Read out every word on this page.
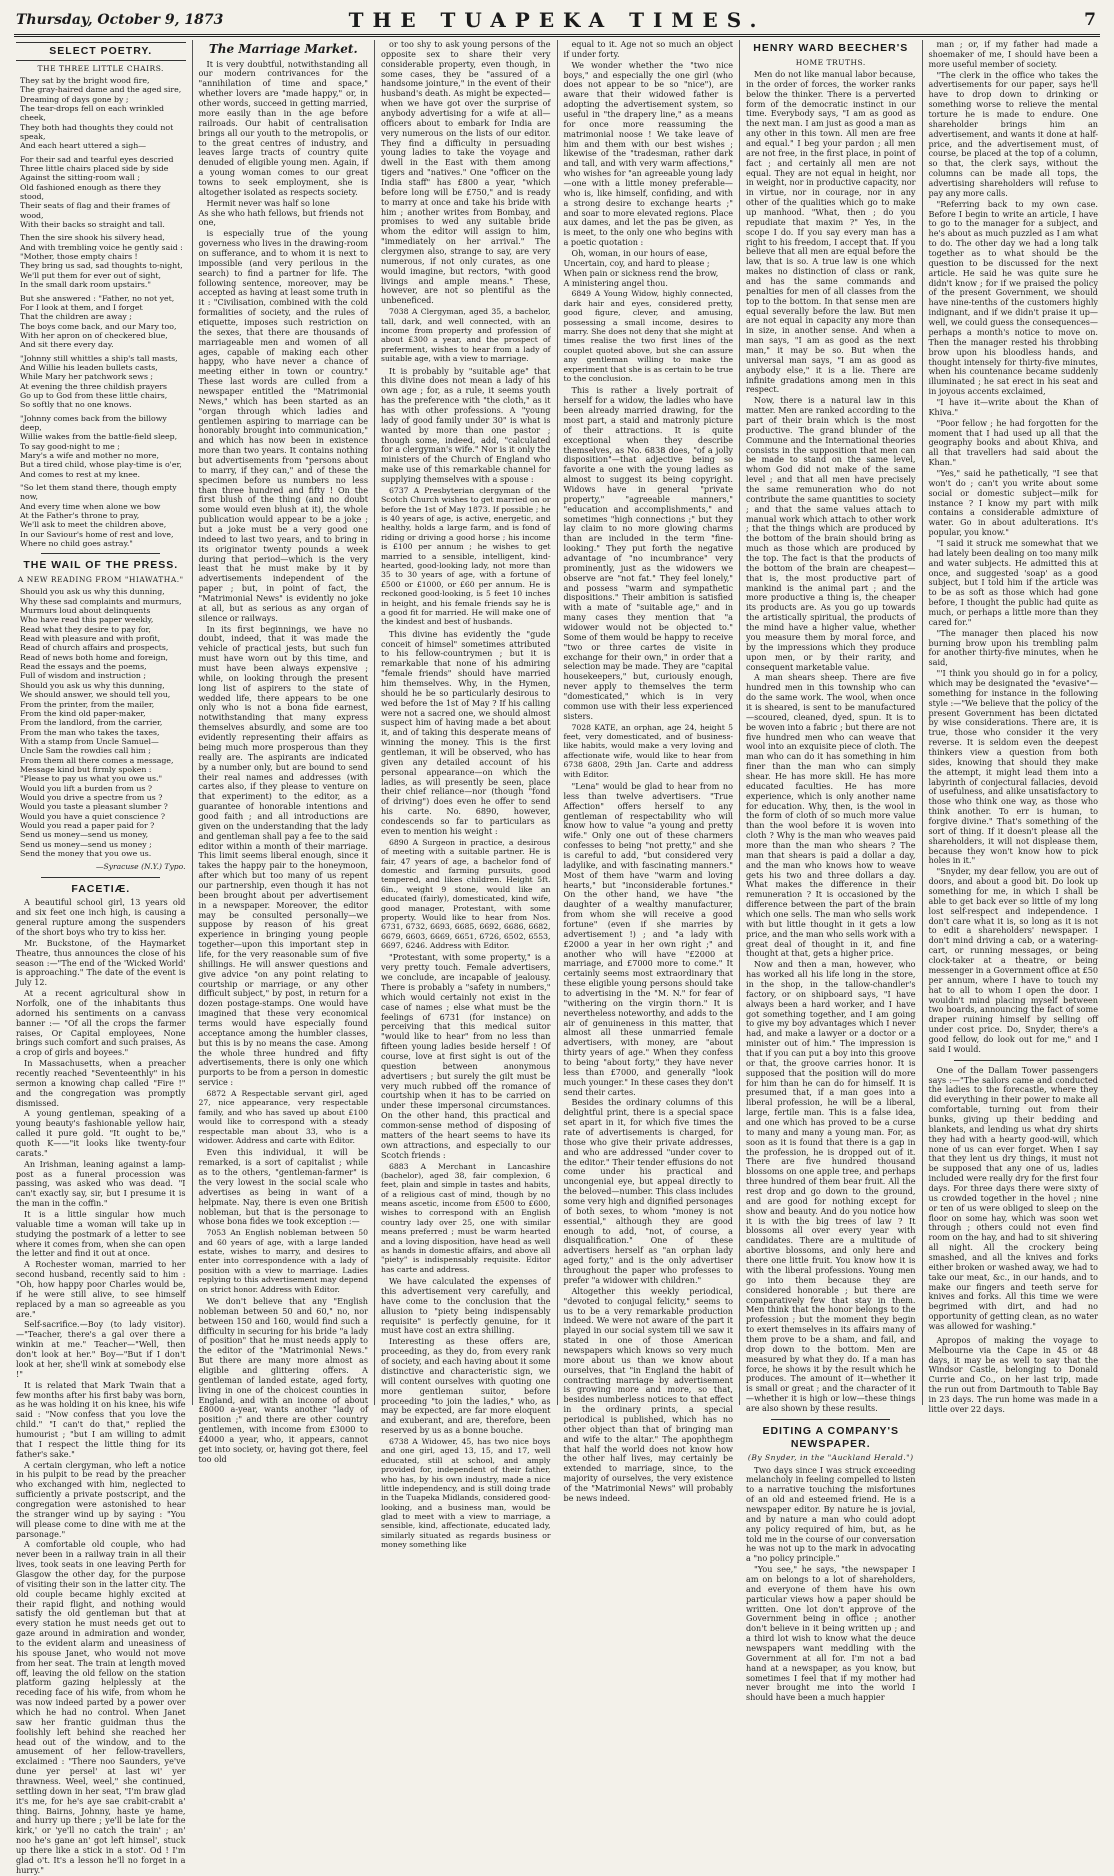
Thursday, October 9, 1873	THE TUAPEKA TIMES.	7
SELECT POETRY.
THE THREE LITTLE CHAIRS.
They sat by the bright wood fire,
The gray-haired dame and the aged sire,
Dreaming of days gone by ;
The tear-drops fell on each wrinkled cheek,
They both had thoughts they could not speak,
And each heart uttered a sigh—
For their sad and tearful eyes descried
Three little chairs placed side by side
Against the sitting-room wall ;
Old fashioned enough as there they stood,
Their seats of flag and their frames of wood,
With their backs so straight and tall.
Then the sire shook his silvery head,
And with trembling voice he gently said :
"Mother, those empty chairs !
They bring us sad, sad thoughts to-night,
We'll put them for ever out of sight,
In the small dark room upstairs."
But she answered : "Father, no not yet,
For I look at them, and I forget
That the children are away ;
The boys come back, and our Mary too,
With her apron on of checkered blue,
And sit there every day.
"Johnny still whittles a ship's tall masts,
And Willie his leaden bullets casts,
While Mary her patchwork sews ;
At evening the three childish prayers
Go up to God from these little chairs,
So softly that no one knows.
"Johnny comes back from the billowy deep,
Willie wakes from the battle-field sleep,
To say good-night to me ;
Mary's a wife and mother no more,
But a tired child, whose play-time is o'er,
And comes to rest at my knee.
"So let them stand there, though empty now,
And every time when alone we bow
At the Father's throne to pray,
We'll ask to meet the children above,
In our Saviour's home of rest and love,
Where no child goes astray."
THE WAIL OF THE PRESS.
A NEW READING FROM "HIAWATHA."
Should you ask us why this dunning,
Why these sad complaints and murmurs,
Murmurs loud about delinquents
Who have read this paper weekly,
Read what they desire to pay for,
Read with pleasure and with profit,
Read of church affairs and prospects,
Read of news both home and foreign,
Read the essays and the poems,
Full of wisdom and instruction ;
Should you ask us why this dunning,
We should answer, we should tell you,
From the printer, from the mailer,
From the kind old paper-maker,
From the landlord, from the carrier,
From the man who takes the taxes,
With a stamp from Uncle Samuel—
Uncle Sam the rowdies call him ;
From them all there comes a message,
Message kind but firmly spoken :
"Please to pay us what you owe us."
Would you lift a burden from us ?
Would you drive a spectre from us ?
Would you taste a pleasant slumber ?
Would you have a quiet conscience ?
Would you read a paper paid for ?
Send us money—send us money,
Send us money—send us money ;
Send the money that you owe us.
—Syracuse (N.Y.) Typo.
FACETIÆ.

A beautiful school girl, 13 years old and six feet one inch high, is causing a general rupture among the suspenders of the short boys who try to kiss her.

Mr. Buckstone, of the Haymarket Theatre, thus announces the close of his season :—"The end of the 'Wicked World' is approaching." The date of the event is July 12.

At a recent agricultural show in Norfolk, one of the inhabitants thus adorned his sentiments on a canvass banner :— "Of all the crops the farmer raises, Or Capital employees, None brings such comfort and such praises, As a crop of girls and boyees."

In Massachusetts, when a preacher recently reached "Seventeenthly" in his sermon a knowing chap called "Fire !" and the congregation was promptly dismissed.

A young gentleman, speaking of a young beauty's fashionable yellow hair, called it pure gold. "It ought to be," quoth K——"it looks like twenty-four carats."

An Irishman, leaning against a lamp-post as a funeral procession was passing, was asked who was dead. "I can't exactly say, sir, but I presume it is the man in the coffin."

It is a little singular how much valuable time a woman will take up in studying the postmark of a letter to see where it comes from, when she can open the letter and find it out at once.

A Rochester woman, married to her second husband, recently said to him : "Oh, how happy poor Charles would be, if he were still alive, to see himself replaced by a man so agreeable as you are."

Self-sacrifice.—Boy (to lady visitor).—"Teacher, there's a gal over there a winkin at me." Teacher—"Well, then don't look at her." Boy—"But if I don't look at her, she'll wink at somebody else !"

It is related that Mark Twain that a few months after his first baby was born, as he was holding it on his knee, his wife said : "Now confess that you love the child." "I can't do that," replied the humourist ; "but I am willing to admit that I respect the little thing for its father's sake."

A certain clergyman, who left a notice in his pulpit to be read by the preacher who exchanged with him, neglected to sufficiently a private postscript, and the congregation were astonished to hear the stranger wind up by saying : "You will please come to dine with me at the parsonage."

A comfortable old couple, who had never been in a railway train in all their lives, took seats in one leaving Perth for Glasgow the other day, for the purpose of visiting their son in the latter city. The old couple became highly excited at their rapid flight, and nothing would satisfy the old gentleman but that at every station he must needs get out to gaze around in admiration and wonder, to the evident alarm and uneasiness of his spouse Janet, who would not move from her seat. The train at length moved off, leaving the old fellow on the station platform gazing helplessly at the receding face of his wife, from whom he was now indeed parted by a power over which he had no control. When Janet saw her frantic guidman thus the foolishly left behind she reached her head out of the window, and to the amusement of her fellow-travellers, exclaimed : "There noo Saunders, ye've dune yer persel' at last wi' yer thrawness. Weel, weel," she continued, settling down in her seat, "I'm braw glad it's me, for he's aye sae crabit-crabit a' thing. Bairns, Johnny, haste ye hame, and hurry up there ; ye'll be late for the kirk,' or 'ye'll no catch the train' ; an' noo he's gane an' got left himsel', stuck up there like a stick in a stot'. Od ! I'm glad o't. It's a lesson he'll no forget in a hurry."

The Marriage Market.

It is very doubtful, notwithstanding all our modern contrivances for the "annihilation of time and space," whether lovers are "made happy," or, in other words, succeed in getting married, more easily than in the age before railroads. Our habit of centralisation brings all our youth to the metropolis, or to the great centres of industry, and leaves large tracts of country quite denuded of eligible young men. Again, if a young woman comes to our great towns to seek employment, she is altogether isolated as respects society.

Hermit never was half so lone
As she who hath fellows, but friends not one,

is especially true of the young governess who lives in the drawing-room on sufferance, and to whom it is next to impossible (and very perilous in the search) to find a partner for life. The following sentence, moreover, may be accepted as having at least some truth in it : "Civilisation, combined with the cold formalities of society, and the rules of etiquette, imposes such restriction on the sexes, that there are thousands of marriageable men and women of all ages, capable of making each other happy, who have never a chance of meeting either in town or country." These last words are culled from a newspaper entitled the "Matrimonial News," which has been started as an "organ through which ladies and gentlemen aspiring to marriage can be honorably brought into communication," and which has now been in existence more than two years. It contains nothing but advertisements from "persons about to marry, if they can," and of these the specimen before us numbers no less than three hundred and fifty ! On the first blush of the thing (and no doubt some would even blush at it), the whole publication would appear to be a joke ; but a joke must be a very good one indeed to last two years, and to bring in its originator twenty pounds a week during that period—which is the very least that he must make by it by advertisements independent of the paper ; but, in point of fact, the "Matrimonial News" is evidently no joke at all, but as serious as any organ of silence or railways.

In its first beginnings, we have no doubt, indeed, that it was made the vehicle of practical jests, but such fun must have worn out by this time, and must have been always expensive ; while, on looking through the present long list of aspirers to the state of wedded life, there appears to be one only who is not a bona fide earnest, notwithstanding that many express themselves absurdly, and some are too evidently representing their affairs as being much more prosperous than they really are. The aspirants are indicated by a number only, but are bound to send their real names and addresses (with cartes also, if they please to venture on that experiment) to the editor, as a guarantee of honorable intentions and good faith ; and all introductions are given on the understanding that the lady and gentleman shall pay a fee to the said editor within a month of their marriage. This limit seems liberal enough, since it takes the happy pair to the honeymoon, after which but too many of us repent our partnership, even though it has not been brought about per advertisement in a newspaper. Moreover, the editor may be consulted personally—we suppose by reason of his great experience in bringing young people together—upon this important step in life, for the very reasonable sum of five shillings. He will answer questions and give advice "on any point relating to courtship or marriage, or any other difficult subject," by post, in return for a dozen postage-stamps. One would have imagined that these very economical terms would have especially found acceptance among the humbler classes, but this is by no means the case. Among the whole three hundred and fifty advertisements, there is only one which purports to be from a person in domestic service :

6872 A Respectable servant girl, aged 27, nice appearance, very respectable family, and who has saved up about £100 would like to correspond with a steady respectable man about 33, who is a widower. Address and carte with Editor.

Even this individual, it will be remarked, is a sort of capitalist ; while as to the others, "gentleman-farmer" is the very lowest in the social scale who advertises as being in want of a helpmate. Nay, there is even one British nobleman, but that is the personage to whose bona fides we took exception :—

7053 An English nobleman between 50 and 60 years of age, with a large landed estate, wishes to marry, and desires to enter into correspondence with a lady of position with a view to marriage. Ladies replying to this advertisement may depend on strict honor. Address with Editor.

We don't believe that any "English nobleman between 50 and 60," no, nor between 150 and 160, would find such a difficulty in securing for his bride "a lady of position" that he must needs apply to the editor of the "Matrimonial News." But there are many more almost as eligible and glittering offers. A gentleman of landed estate, aged forty, living in one of the choicest counties in England, and with an income of about £8000 a-year, wants another "lady of position ;" and there are other country gentlemen, with income from £3000 to £4000 a year, who, it appears, cannot get into society, or, having got there, feel too old

or too shy to ask young persons of the opposite sex to share their very considerable property, even though, in some cases, they be "assured of a handsome jointure," in the event of their husband's death. As might be expected—when we have got over the surprise of anybody advertising for a wife at all—officers about to embark for India are very numerous on the lists of our editor. They find a difficulty in persuading young ladies to take the voyage and dwell in the East with them among tigers and "natives." One "officer on the India staff" has £800 a year, "which before long will be £750," and is ready to marry at once and take his bride with him ; another writes from Bombay, and promises to wed any suitable bride whom the editor will assign to him, "immediately on her arrival." The clergymen also, strange to say, are very numerous, if not only curates, as one would imagine, but rectors, "with good livings and ample means." These, however, are not so plentiful as the unbeneficed.

7038 A Clergyman, aged 35, a bachelor, tall, dark, and well connected, with an income from property and profession of about £300 a year, and the prospect of preferment, wishes to hear from a lady of suitable age, with a view to marriage.

It is probably by "suitable age" that this divine does not mean a lady of his own age ; for, as a rule, it seems youth has the preference with "the cloth," as it has with other professions. A "young lady of good family under 30" is what is wanted by more than one pastor ; though some, indeed, add, "calculated for a clergyman's wife." Nor is it only the ministers of the Church of England who make use of this remarkable channel for supplying themselves with a spouse :

6737 A Presbyterian clergyman of the Scotch Church wishes to get married on or before the 1st of May 1873. If possible ; he is 40 years of age, is active, energetic, and healthy, holds a large farm, and is fond of riding or driving a good horse ; his income is £100 per annum ; he wishes to get married to a sensible, intelligent, kind-hearted, good-looking lady, not more than 35 to 30 years of age, with a fortune of £500 or £1000, or £60 per annum. He is reckoned good-looking, is 5 feet 10 inches in height, and his female friends say he is a good fit for married. He will make one of the kindest and best of husbands.

This divine has evidently the "gude conceit of himsel" sometimes attributed to his fellow-countrymen ; but it is remarkable that none of his admiring "female friends" should have married him themselves. Why, in the Hymen, should he be so particularly desirous to wed before the 1st of May ? If his calling were not a sacred one, we should almost suspect him of having made a bet about it, and of taking this desperate means of winning the money. This is the first gentleman, it will be observed, who has given any detailed account of his personal appearance—on which the ladies, as will presently be seen, place their chief reliance—nor (though "fond of driving") does even he offer to send his carte. No. 6890, however, condescends so far to particulars as even to mention his weight :

6890 A Surgeon in practice, a desirous of meeting with a suitable partner. He is fair, 47 years of age, a bachelor fond of domestic and farming pursuits, good tempered, and likes children. Height 5ft. 6in., weight 9 stone, would like an educated (fairly), domesticated, kind wife, good manager, Protestant, with some property. Would like to hear from Nos. 6731, 6732, 6693, 6685, 6692, 6686, 6682, 6679, 6603, 6669, 6651, 6726, 6502, 6553, 6697, 6246. Address with Editor.

"Protestant, with some property," is a very pretty touch. Female advertisers, we conclude, are incapable of jealousy. There is probably a "safety in numbers," which would certainly not exist in the case of names ; else what must be the feelings of 6731 (for instance) on perceiving that this medical suitor "would like to hear" from no less than fifteen young ladies beside herself ! Of course, love at first sight is out of the question between anonymous advertisers ; but surely the gilt must be very much rubbed off the romance of courtship when it has to be carried on under these impersonal circumstances. On the other hand, this practical and common-sense method of disposing of matters of the heart seems to have its own attractions, and especially to our Scotch friends :

6883 A Merchant in Lancashire (bachelor), aged 38, fair complexion, 6 feet, plain and simple in tastes and habits, of a religious cast of mind, though by no means ascetic, income from £500 to £600, wishes to correspond with an English country lady over 25, one with similar means preferred ; must be warm hearted and a loving disposition, have head as well as hands in domestic affairs, and above all "piety" is indispensably requisite. Editor has carte and address.

We have calculated the expenses of this advertisement very carefully, and have come to the conclusion that the allusion to "piety being indispensably requisite" is perfectly genuine, for it must have cost an extra shilling.

Interesting as these offers are, proceeding, as they do, from every rank of society, and each having about it some distinctive and characteristic sign, we will content ourselves with quoting one more gentleman suitor, before proceeding "to join the ladies," who, as may be expected, are far more eloquent and exuberant, and are, therefore, been reserved by us as a bonne bouche.

6738 A Widower, 45, has two nice boys and one girl, aged 13, 15, and 17, well educated, still at school, and amply provided for, independent of their father, who has, by his own industry, made a nice little independency, and is still doing trade in the Tuapeka Midlands, considered good-looking, and a business man, would be glad to meet with a view to marriage, a sensible, kind, affectionate, educated lady, similarly situated as regards business or money something like

equal to it. Age not so much an object if under forty.

We wonder whether the "two nice boys," and especially the one girl (who does not appear to be so "nice"), are aware that their widowed father is adopting the advertisement system, so useful in "the drapery line," as a means for once more reassuming the matrimonial noose ! We take leave of him and them with our best wishes ; likewise of the "tradesman, rather dark and tall, and with very warm affections," who wishes for "an agreeable young lady—one with a little money preferable—who is, like himself, confiding, and with a strong desire to exchange hearts ;" and soar to more elevated regions. Place aux dames, and let the pas be given, as is meet, to the only one who begins with a poetic quotation :

Oh, woman, in our hours of ease,
Uncertain, coy, and hard to please ;
When pain or sickness rend the brow,
A ministering angel thou.

6849 A Young Widow, highly connected, dark hair and eyes, considered pretty, good figure, clever, and amusing, possessing a small income, desires to marry. She does not deny that she might at times realise the two first lines of the couplet quoted above, but she can assure any gentleman willing to make the experiment that she is as certain to be true to the conclusion.

This is rather a lively portrait of herself for a widow, the ladies who have been already married drawing, for the most part, a staid and matronly picture of their attractions. It is quite exceptional when they describe themselves, as No. 6838 does, "of a jolly disposition"—that adjective being so favorite a one with the young ladies as almost to suggest its being copyright. Widows have in general "private property," "agreeable manners," "education and accomplishments," and sometimes "high connections ;" but they lay claim to no more glowing charms than are included in the term "fine-looking." They put forth the negative advantage of "no incumbrance" very prominently, just as the widowers we observe are "not fat." They feel lonely," and possess "warm and sympathetic dispositions." Their ambition is satisfied with a mate of "suitable age," and in many cases they mention that "a widower would not be objected to." Some of them would be happy to receive "two or three cartes de visite in exchange for their own," in order that a selection may be made. They are "capital housekeepers," but, curiously enough, never apply to themselves the term "domesticated," which is in very common use with their less experienced sisters.

7028 KATE, an orphan, age 24, height 5 feet, very domesticated, and of business-like habits, would make a very loving and affectionate wife, would like to hear from 6738 6808, 29th Jan. Carte and address with Editor.

"Lena" would be glad to hear from no less than twelve advertisers. "True Affection" offers herself to any gentleman of respectability who will know how to value "a young and pretty wife." Only one out of these charmers confesses to being "not pretty," and she is careful to add, "but considered very ladylike, and with fascinating manners." Most of them have "warm and loving hearts," but "inconsiderable fortunes." On the other hand, we have "the daughter of a wealthy manufacturer, from whom she will receive a good fortune" (even if she marries by advertisement !) ; and "a lady with £2000 a year in her own right ;" and another who will have "£2000 at marriage, and £7000 more to come." It certainly seems most extraordinary that these eligible young persons should take to advertising in the "M. N." for fear of "withering on the virgin thorn." It is nevertheless noteworthy, and adds to the air of genuineness in this matter, that almost all these unmarried female advertisers, with money, are "about thirty years of age." When they confess to being "about forty," they have never less than £7000, and generally "look much younger." In these cases they don't send their cartes.

Besides the ordinary columns of this delightful print, there is a special space set apart in it, for which five times the rate of advertisements is charged, for those who give their private addresses, and who are addressed "under cover to the editor." Their tender effusions do not come under his practical and uncongenial eye, but appeal directly to the beloved—number. This class includes some very high and dignified personages of both sexes, to whom "money is not essential," although they are good enough to add, "not, of course, a disqualification." One of these advertisers herself as "an orphan lady aged forty," and is the only advertiser throughout the paper who professes to prefer "a widower with children."

Altogether this weekly periodical, "devoted to conjugal felicity," seems to us to be a very remarkable production indeed. We were not aware of the part it played in our social system till we saw it stated in one of those American newspapers which knows so very much more about us than we know about ourselves, that "in England the habit of contracting marriage by advertisement is growing more and more, so that, besides numberless notices to that effect in the ordinary prints, a special periodical is published, which has no other object than that of bringing man and wife to the altar." The apophthegm that half the world does not know how the other half lives, may certainly be extended to marriage, since, to the majority of ourselves, the very existence of the "Matrimonial News" will probably be news indeed.

HENRY WARD BEECHER'S
HOME TRUTHS.

Men do not like manual labor because, in the order of forces, the worker ranks below the thinker. There is a perverted form of the democratic instinct in our time. Everybody says, "I am as good as the next man. I am just as good a man as any other in this town. All men are free and equal." I beg your pardon ; all men are not free, in the first place, in point of fact ; and certainly all men are not equal. They are not equal in height, nor in weight, nor in productive capacity, nor in virtue, nor in courage, nor in any other of the qualities which go to make up manhood. "What, then ; do you repudiate that maxim ?" Yes, in the scope I do. If you say every man has a right to his freedom, I accept that. If you believe that all men are equal before the law, that is so. A true law is one which makes no distinction of class or rank, and has the same commands and penalties for men of all classes from the top to the bottom. In that sense men are equal severally before the law. But men are not equal in capacity any more than in size, in another sense. And when a man says, "I am as good as the next man," it may be so. But when the universal man says, "I am as good as anybody else," it is a lie. There are infinite gradations among men in this respect.

Now, there is a natural law in this matter. Men are ranked according to the part of their brain which is the most productive. The grand blunder of the Commune and the International theories consists in the supposition that men can be made to stand on the same level, whom God did not make of the same level ; and that all men have precisely the same remuneration who do not contribute the same quantities to society ; and that the same values attach to manual work which attach to other work ; that the things which are produced by the bottom of the brain should bring as much as those which are produced by the top. The fact is that the products of the bottom of the brain are cheapest—that is, the most productive part of mankind is the animal part ; and the more productive a thing is, the cheaper its products are. As you go up towards the artistically spiritual, the products of the mind have a higher value, whether you measure them by moral force, and by the impressions which they produce upon men, or by their rarity, and consequent marketable value.

A man shears sheep. There are five hundred men in this township who can do the same work. The wool, when once it is sheared, is sent to be manufactured—scoured, cleaned, dyed, spun. It is to be woven into a fabric ; but there are not five hundred men who can weave that wool into an exquisite piece of cloth. The man who can do it has something in him finer than the man who can simply shear. He has more skill. He has more educated faculties. He has more experience, which is only another name for education. Why, then, is the wool in the form of cloth of so much more value than the wool before it is woven into cloth ? Why is the man who weaves paid more than the man who shears ? The man that shears is paid a dollar a day, and the man who knows how to weave gets his two and three dollars a day. What makes the difference in their remuneration ? It is occasioned by the difference between the part of the brain which one sells. The man who sells work with but little thought in it gets a low price, and the man who sells work with a great deal of thought in it, and fine thought at that, gets a higher price.

Now and then a man, however, who has worked all his life long in the store, in the shop, in the tallow-chandler's factory, or on shipboard says, "I have always been a hard worker, and I have got something together, and I am going to give my boy advantages which I never had, and make a lawyer or a doctor or a minister out of him." The impression is that if you can put a boy into this groove or that, the groove carries honor. It is supposed that the position will do more for him than he can do for himself. It is presumed that, if a man goes into a liberal profession, he will be a liberal, large, fertile man. This is a false idea, and one which has proved to be a curse to many and many a young man. For, as soon as it is found that there is a gap in the profession, he is dropped out of it. There are five hundred thousand blossoms on one apple tree, and perhaps three hundred of them bear fruit. All the rest drop and go down to the ground, and are good for nothing except for show and beauty. And do you notice how it is with the big trees of law ? It blossoms all over every year with candidates. There are a multitude of abortive blossoms, and only here and there one little fruit. You know how it is with the liberal professions. Young men go into them because they are considered honorable ; but there are comparatively few that stay in them. Men think that the honor belongs to the profession ; but the moment they begin to exert themselves in its affairs many of them prove to be a sham, and fail, and drop down to the bottom. Men are measured by what they do. If a man has force, he shows it by the result which he produces. The amount of it—whether it is small or great ; and the character of it—whether it is high or low—these things are also shown by these results.

EDITING A COMPANY'S NEWSPAPER.
(By Snyder, in the "Auckland Herald.")

Two days since I was struck exceeding melancholy in feeling compelled to listen to a narrative touching the misfortunes of an old and esteemed friend. He is a newspaper editor. By nature he is jovial, and by nature a man who could adopt any policy required of him, but, as he told me in the course of our conversation he was not up to the mark in advocating a "no policy principle."

"You see," he says, "the newspaper I am on belongs to a lot of shareholders, and everyone of them have his own particular views how a paper should be written. One lot don't approve of the Government being in office ; another don't believe in it being written up ; and a third lot wish to know what the deuce newspapers want meddling with the Government at all for. I'm not a bad hand at a newspaper, as you know, but sometimes I feel that if my mother had never brought me into the world I should have been a much happier

man ; or, if my father had made a shoemaker of me, I should have been a more useful member of society.

"The clerk in the office who takes the advertisements for our paper, says he'll have to drop down to drinking or something worse to relieve the mental torture he is made to endure. One shareholder brings him an advertisement, and wants it done at half-price, and the advertisement must, of course, be placed at the top of a column, so that, the clerk says, without the columns can be made all tops, the advertising shareholders will refuse to pay any more calls.

"Referring back to my own case. Before I begin to write an article, I have to go to the manager for a subject, and he's about as much puzzled as I am what to do. The other day we had a long talk together as to what should be the question to be discussed for the next article. He said he was quite sure he didn't know ; for if we praised the policy of the present Government, we should have nine-tenths of the customers highly indignant, and if we didn't praise it up—well, we could guess the consequences—perhaps a month's notice to move on. Then the manager rested his throbbing brow upon his bloodless hands, and thought intensely for thirty-five minutes, when his countenance became suddenly illuminated ; he sat erect in his seat and in joyous accents exclaimed,

"I have it—write about the Khan of Khiva."

"Poor fellow ; he had forgotten for the moment that I had used up all that the geography books and about Khiva, and all that travellers had said about the Khan."

"Yes," said he pathetically, "I see that won't do ; can't you write about some social or domestic subject—milk for instance ? I know my part with milk contains a considerable admixture of water. Go in about adulterations. It's popular, you know."

"I said it struck me somewhat that we had lately been dealing on too many milk and water subjects. He admitted this at once, and suggested 'soap' as a good subject, but I told him if the article was to be as soft as those which had gone before, I thought the public had quite as much, or perhaps a little more than they cared for."

"The manager then placed his now burning brow upon his trembling palm for another thirty-five minutes, when he said,

"'I think you should go in for a policy, which may be designated the "evasive"—something for instance in the following style :—"We believe that the policy of the present Government has been dictated by wise considerations. There are, it is true, those who consider it the very reverse. It is seldom even the deepest thinkers view a question from both sides, knowing that should they make the attempt, it might lead them into a labyrinth of conjectural fallacies, devoid of usefulness, and alike unsatisfactory to those who think one way, as those who think another. To err is human, to forgive divine." That's something of the sort of thing. If it doesn't please all the shareholders, it will not displease them, because they won't know how to pick holes in it."

"Snyder, my dear fellow, you are out of doors, and about a good bit. Do look up something for me, in which I shall be able to get back ever so little of my long lost self-respect and independence. I don't care what it is, so long as it is not to edit a shareholders' newspaper. I don't mind driving a cab, or a watering-cart, or running messages, or being clock-taker at a theatre, or being messenger in a Government office at £50 per annum, where I have to touch my hat to all to whom I open the door. I wouldn't mind placing myself between two boards, announcing the fact of some draper ruining himself by selling off under cost price. Do, Snyder, there's a good fellow, do look out for me," and I said I would.

One of the Dallam Tower passengers says :—"The sailors came and conducted the ladies to the forecastle, where they did everything in their power to make all comfortable, turning out from their bunks, giving up their bedding and blankets, and lending us what dry shirts they had with a hearty good-will, which none of us can ever forget. When I say that they lent us dry things, it must not be supposed that any one of us, ladies included were really dry for the first four days. For three days there were sixty of us crowded together in the hovel ; nine or ten of us were obliged to sleep on the floor on some hay, which was soon wet through ; others could not even find room on the hay, and had to sit shivering all night. All the crockery being smashed, and all the knives and forks either broken or washed away, we had to take our meat, &c., in our hands, and to make our fingers and teeth serve for knives and forks. All this time we were begrimed with dirt, and had no opportunity of getting clean, as no water was allowed for washing."

Apropos of making the voyage to Melbourne via the Cape in 45 or 48 days, it may be as well to say that the Windsor Castle, belonging to Donald Currie and Co., on her last trip, made the run out from Dartmouth to Table Bay in 23 days. The run home was made in a little over 22 days.
